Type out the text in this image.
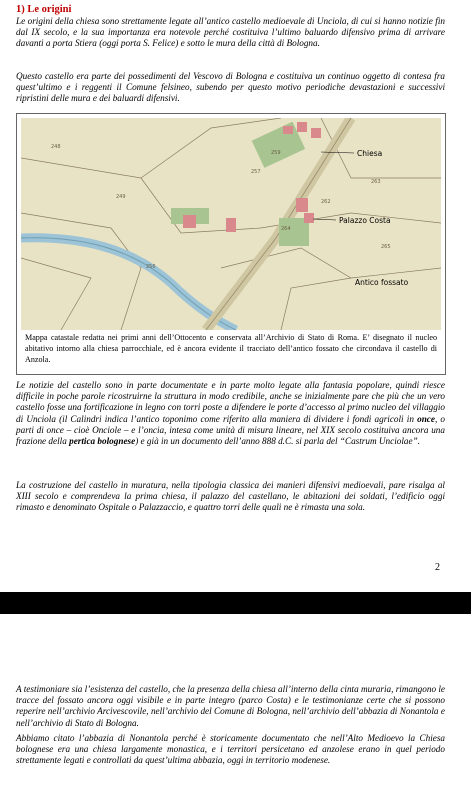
1) Le origini

Le origini della chiesa sono strettamente legate all’antico castello medioevale di Unciola, di cui si hanno notizie fin dal IX secolo, e la sua importanza era notevole perché costituiva l’ultimo baluardo difensivo prima di arrivare davanti a porta Stiera (oggi porta S. Felice) e sotto le mura della città di Bologna.

Questo castello era parte dei possedimenti del Vescovo di Bologna e costituiva un continuo oggetto di contesa fra quest’ultimo e i reggenti il Comune felsineo, subendo per questo motivo periodiche devastazioni e successivi ripristini delle mura e dei baluardi difensivi.

249
259
257
263
262
264
256
265
248
Chiesa
Palazzo Costa
Antico fossato

Mappa catastale redatta nei primi anni dell’Ottocento e conservata all’Archivio di Stato di Roma. E’ disegnato il nucleo abitativo intorno alla chiesa parrocchiale, ed è ancora evidente il tracciato dell’antico fossato che circondava il castello di Anzola.

Le notizie del castello sono in parte documentate e in parte molto legate alla fantasia popolare, quindi riesce difficile in poche parole ricostruirne la struttura in modo credibile, anche se inizialmente pare che più che un vero castello fosse una fortificazione in legno con torri poste a difendere le porte d’accesso al primo nucleo del villaggio di Unciola (il Calindri indica l’antico toponimo come riferito alla maniera di dividere i fondi agricoli in once, o parti di once – cioè Onciole – e l’oncia, intesa come unità di misura lineare, nel XIX secolo costituiva ancora una frazione della pertica bolognese) e già in un documento dell’anno 888 d.C. si parla del “Castrum Unciolae”.

La costruzione del castello in muratura, nella tipologia classica dei manieri difensivi medioevali, pare risalga al XIII secolo e comprendeva la prima chiesa, il palazzo del castellano, le abitazioni dei soldati, l’edificio oggi rimasto e denominato Ospitale o Palazzaccio, e quattro torri delle quali ne è rimasta una sola.

2

A testimoniare sia l’esistenza del castello, che la presenza della chiesa all’interno della cinta muraria, rimangono le tracce del fossato ancora oggi visibile e in parte integro (parco Costa) e le testimonianze certe che si possono reperire nell’archivio Arcivescovile, nell’archivio del Comune di Bologna, nell’archivio dell’abbazia di Nonantola e nell’archivio di Stato di Bologna.

Abbiamo citato l’abbazia di Nonantola perché è storicamente documentato che nell’Alto Medioevo la Chiesa bolognese era una chiesa largamente monastica, e i territori persicetano ed anzolese erano in quel periodo strettamente legati e controllati da quest’ultima abbazia, oggi in territorio modenese.
